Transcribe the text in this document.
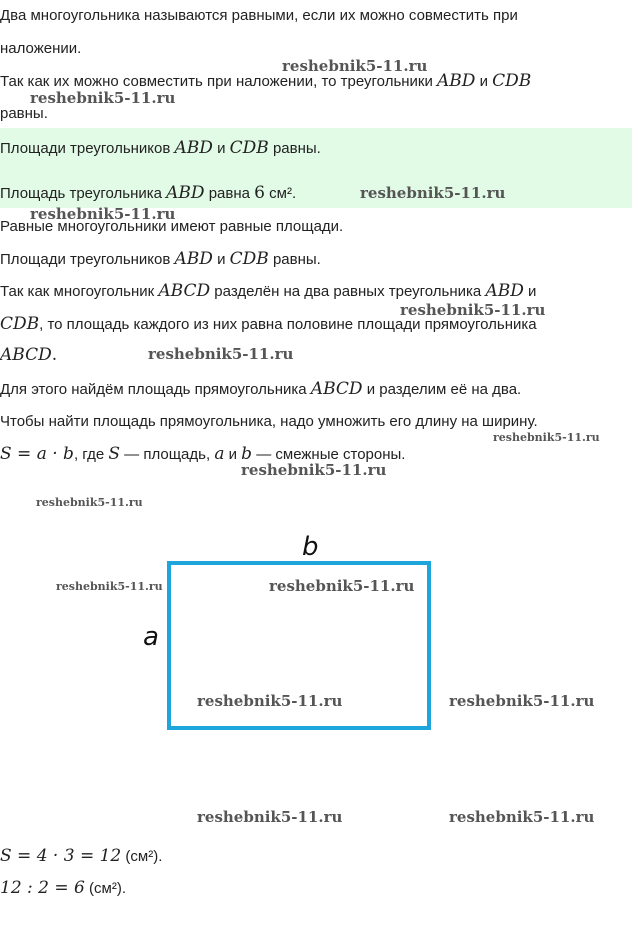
Два многоугольника называются равными, если их можно совместить при
наложении.
Так как их можно совместить при наложении, то треугольники ABD и CDB
равны.
Площади треугольников ABD и CDB равны.
Площадь треугольника ABD равна 6 см².
Равные многоугольники имеют равные площади.
Площади треугольников ABD и CDB равны.
Так как многоугольник ABCD разделён на два равных треугольника ABD и
CDB, то площадь каждого из них равна половине площади прямоугольника
ABCD.
Для этого найдём площадь прямоугольника ABCD и разделим её на два.
Чтобы найти площадь прямоугольника, надо умножить его длину на ширину.
S = a · b, где S — площадь, a и b — смежные стороны.
b
a
S = 4 · 3 = 12 (см²).
12 : 2 = 6 (см²).
reshebnik5-11.ru
reshebnik5-11.ru
reshebnik5-11.ru
reshebnik5-11.ru
reshebnik5-11.ru
reshebnik5-11.ru
reshebnik5-11.ru
reshebnik5-11.ru
reshebnik5-11.ru
reshebnik5-11.ru	reshebnik5-11.ru
reshebnik5-11.ru	reshebnik5-11.ru
reshebnik5-11.ru	reshebnik5-11.ru
